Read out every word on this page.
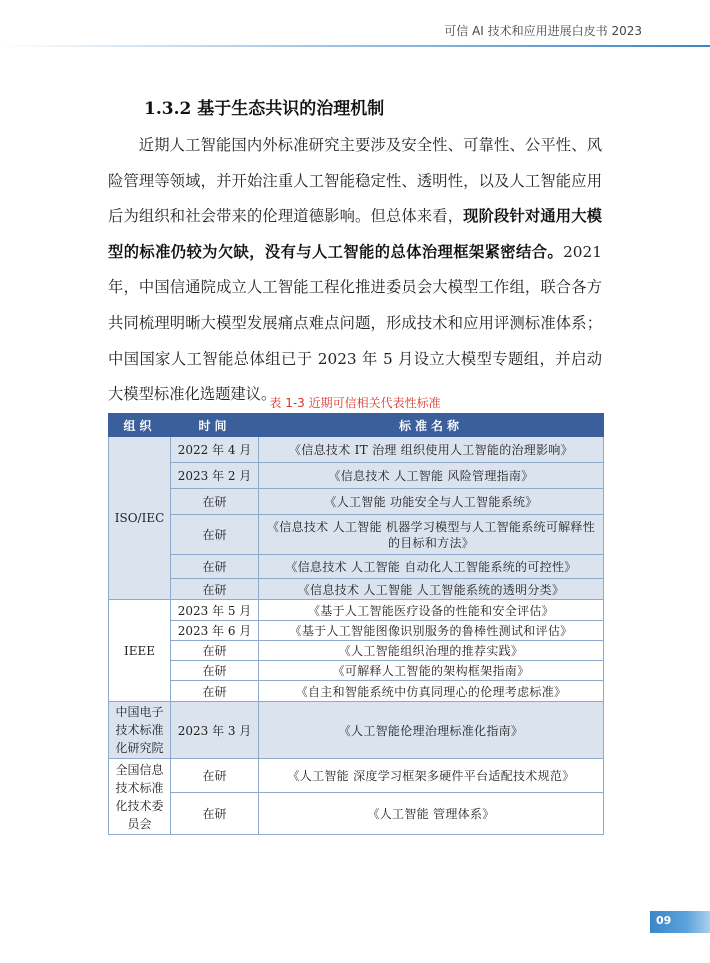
可信 AI 技术和应用进展白皮书 2023
1.3.2 基于生态共识的治理机制
近期人工智能国内外标准研究主要涉及安全性、可靠性、公平性、风险管理等领域，并开始注重人工智能稳定性、透明性，以及人工智能应用后为组织和社会带来的伦理道德影响。但总体来看，现阶段针对通用大模型的标准仍较为欠缺，没有与人工智能的总体治理框架紧密结合。2021 年，中国信通院成立人工智能工程化推进委员会大模型工作组，联合各方共同梳理明晰大模型发展痛点难点问题，形成技术和应用评测标准体系；中国国家人工智能总体组已于 2023 年 5 月设立大模型专题组，并启动大模型标准化选题建议。
表 1-3 近期可信相关代表性标准
组织	时间	标准名称
ISO/IEC	2022 年 4 月	《信息技术 IT 治理 组织使用人工智能的治理影响》
	2023 年 2 月	《信息技术 人工智能 风险管理指南》
	在研	《人工智能 功能安全与人工智能系统》
	在研	《信息技术 人工智能 机器学习模型与人工智能系统可解释性的目标和方法》
	在研	《信息技术 人工智能 自动化人工智能系统的可控性》
	在研	《信息技术 人工智能 人工智能系统的透明分类》
IEEE	2023 年 5 月	《基于人工智能医疗设备的性能和安全评估》
	2023 年 6 月	《基于人工智能图像识别服务的鲁棒性测试和评估》
	在研	《人工智能组织治理的推荐实践》
	在研	《可解释人工智能的架构框架指南》
	在研	《自主和智能系统中仿真同理心的伦理考虑标准》
中国电子技术标准化研究院	2023 年 3 月	《人工智能伦理治理标准化指南》
全国信息技术标准化技术委员会	在研	《人工智能 深度学习框架多硬件平台适配技术规范》
	在研	《人工智能 管理体系》
09
